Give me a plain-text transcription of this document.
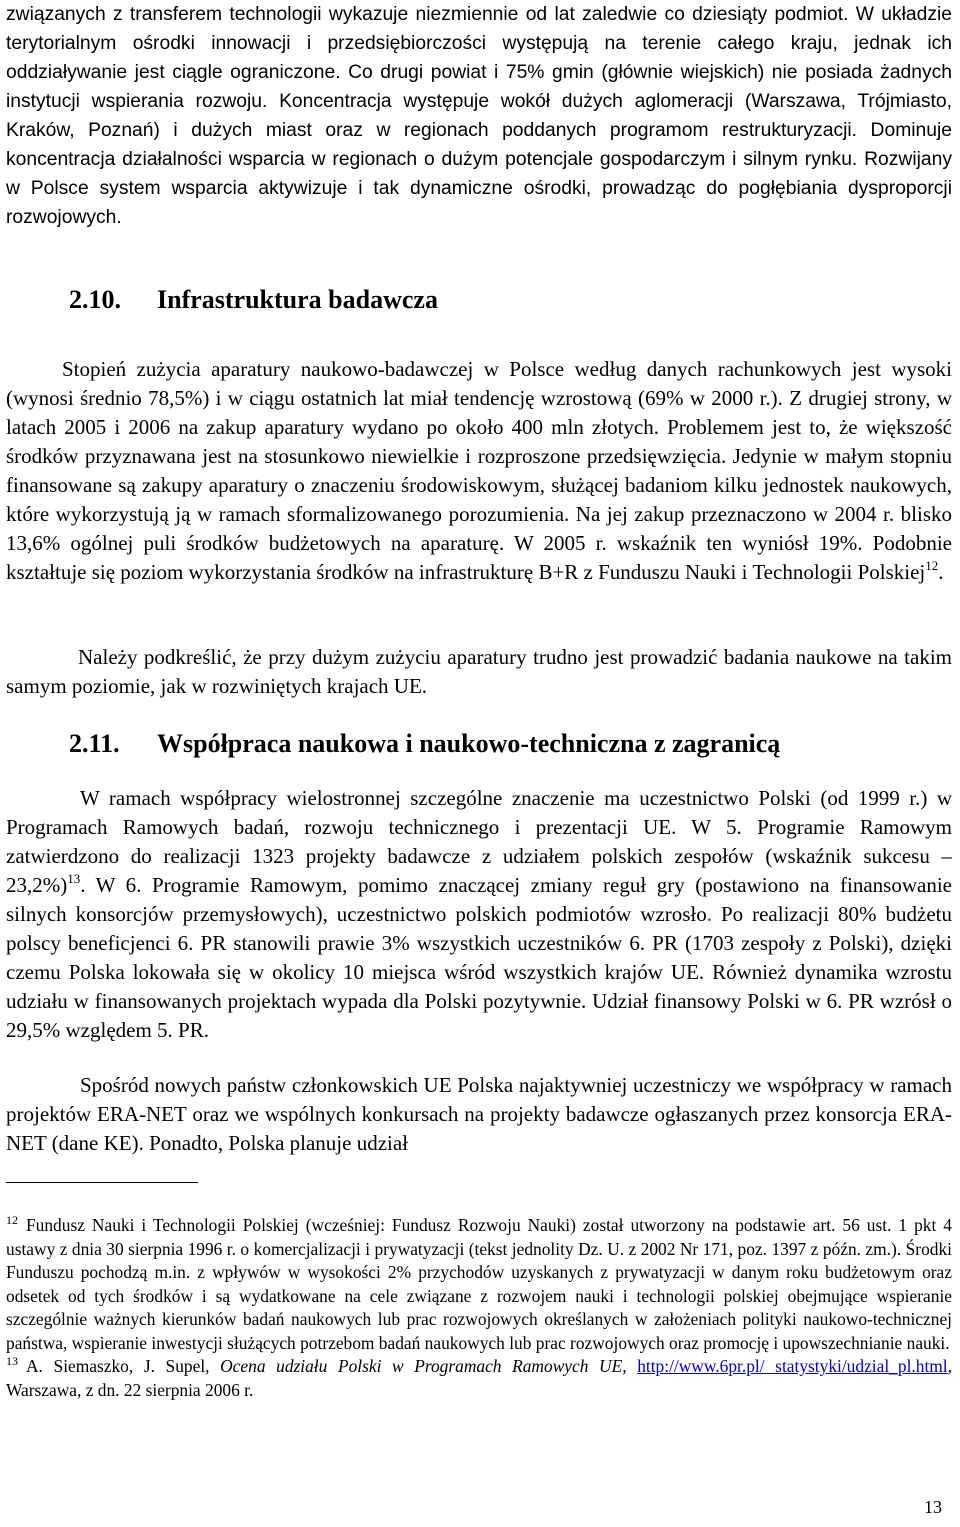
związanych z transferem technologii wykazuje niezmiennie od lat zaledwie co dziesiąty podmiot. W układzie terytorialnym ośrodki innowacji i przedsiębiorczości występują na terenie całego kraju, jednak ich oddziaływanie jest ciągle ograniczone. Co drugi powiat i 75% gmin (głównie wiejskich) nie posiada żadnych instytucji wspierania rozwoju. Koncentracja występuje wokół dużych aglomeracji (Warszawa, Trójmiasto, Kraków, Poznań) i dużych miast oraz w regionach poddanych programom restrukturyzacji. Dominuje koncentracja działalności wsparcia w regionach o dużym potencjale gospodarczym i silnym rynku. Rozwijany w Polsce system wsparcia aktywizuje i tak dynamiczne ośrodki, prowadząc do pogłębiania dysproporcji rozwojowych.

2.10.	Infrastruktura badawcza

Stopień zużycia aparatury naukowo-badawczej w Polsce według danych rachunkowych jest wysoki (wynosi średnio 78,5%) i w ciągu ostatnich lat miał tendencję wzrostową (69% w 2000 r.). Z drugiej strony, w latach 2005 i 2006 na zakup aparatury wydano po około 400 mln złotych. Problemem jest to, że większość środków przyznawana jest na stosunkowo niewielkie i rozproszone przedsięwzięcia. Jedynie w małym stopniu finansowane są zakupy aparatury o znaczeniu środowiskowym, służącej badaniom kilku jednostek naukowych, które wykorzystują ją w ramach sformalizowanego porozumienia. Na jej zakup przeznaczono w 2004 r. blisko 13,6% ogólnej puli środków budżetowych na aparaturę. W 2005 r. wskaźnik ten wyniósł 19%. Podobnie kształtuje się poziom wykorzystania środków na infrastrukturę B+R z Funduszu Nauki i Technologii Polskiej$^{12}$.

Należy podkreślić, że przy dużym zużyciu aparatury trudno jest prowadzić badania naukowe na takim samym poziomie, jak w rozwiniętych krajach UE.

2.11.	Współpraca naukowa i naukowo-techniczna z zagranicą

W ramach współpracy wielostronnej szczególne znaczenie ma uczestnictwo Polski (od 1999 r.) w Programach Ramowych badań, rozwoju technicznego i prezentacji UE. W 5. Programie Ramowym zatwierdzono do realizacji 1323 projekty badawcze z udziałem polskich zespołów (wskaźnik sukcesu – 23,2%)$^{13}$. W 6. Programie Ramowym, pomimo znaczącej zmiany reguł gry (postawiono na finansowanie silnych konsorcjów przemysłowych), uczestnictwo polskich podmiotów wzrosło. Po realizacji 80% budżetu polscy beneficjenci 6. PR stanowili prawie 3% wszystkich uczestników 6. PR (1703 zespoły z Polski), dzięki czemu Polska lokowała się w okolicy 10 miejsca wśród wszystkich krajów UE. Również dynamika wzrostu udziału w finansowanych projektach wypada dla Polski pozytywnie. Udział finansowy Polski w 6. PR wzrósł o 29,5% względem 5. PR.

Spośród nowych państw członkowskich UE Polska najaktywniej uczestniczy we współpracy w ramach projektów ERA-NET oraz we wspólnych konkursach na projekty badawcze ogłaszanych przez konsorcja ERA-NET (dane KE). Ponadto, Polska planuje udział

$^{12}$ Fundusz Nauki i Technologii Polskiej (wcześniej: Fundusz Rozwoju Nauki) został utworzony na podstawie art. 56 ust. 1 pkt 4 ustawy z dnia 30 sierpnia 1996 r. o komercjalizacji i prywatyzacji (tekst jednolity Dz. U. z 2002 Nr 171, poz. 1397 z późn. zm.). Środki Funduszu pochodzą m.in. z wpływów w wysokości 2% przychodów uzyskanych z prywatyzacji w danym roku budżetowym oraz odsetek od tych środków i są wydatkowane na cele związane z rozwojem nauki i technologii polskiej obejmujące wspieranie szczególnie ważnych kierunków badań naukowych lub prac rozwojowych określanych w założeniach polityki naukowo-technicznej państwa, wspieranie inwestycji służących potrzebom badań naukowych lub prac rozwojowych oraz promocję i upowszechnianie nauki.

$^{13}$ A. Siemaszko, J. Supel, Ocena udziału Polski w Programach Ramowych UE, http://www.6pr.pl/ statystyki/udzial_pl.html, Warszawa, z dn. 22 sierpnia 2006 r.

13
